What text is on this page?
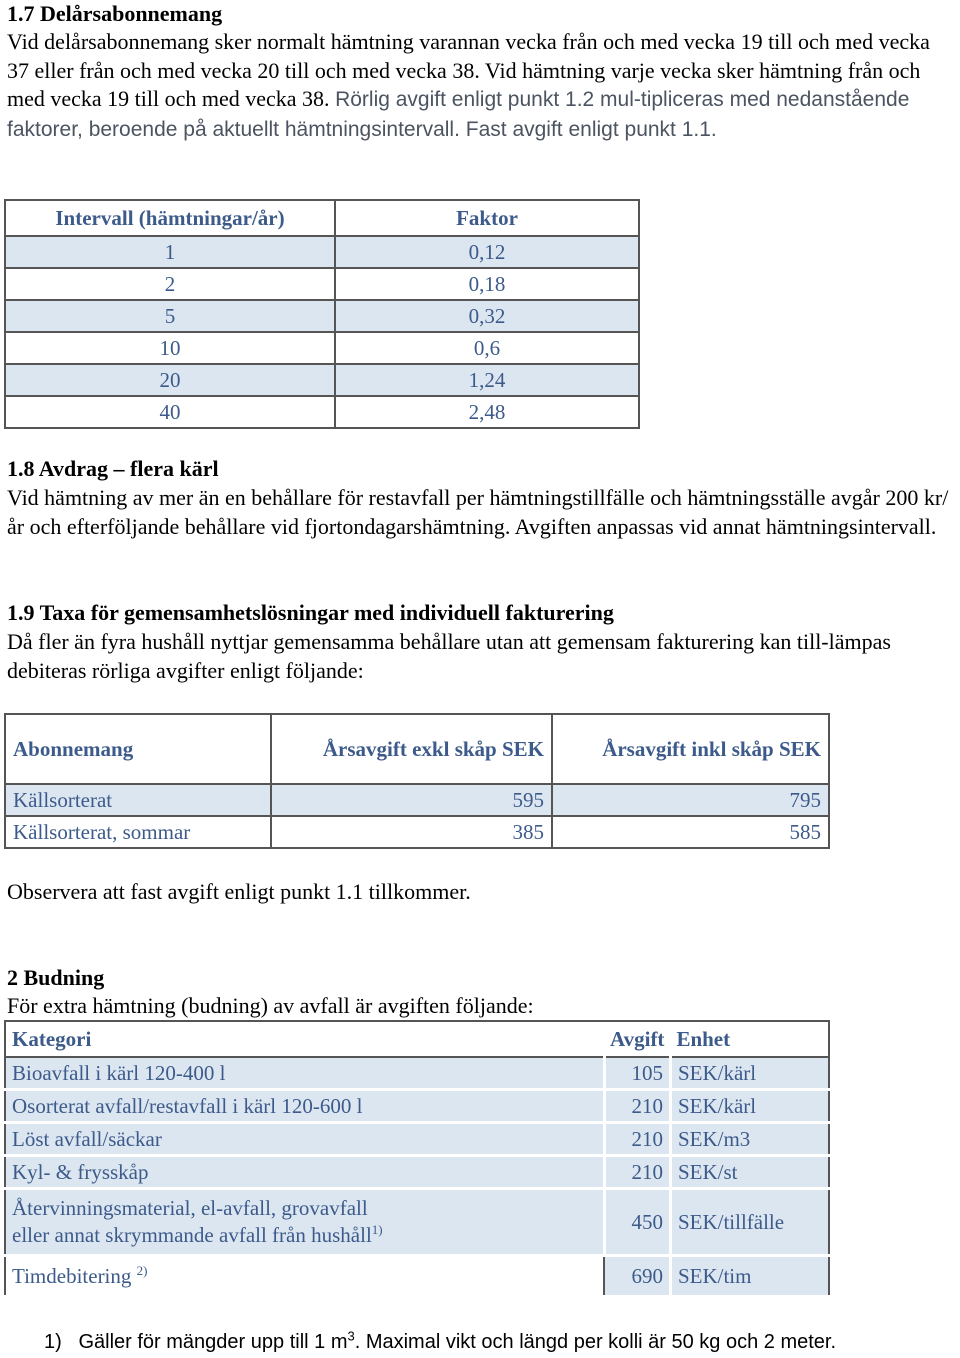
1.7 Delårsabonnemang
Vid delårsabonnemang sker normalt hämtning varannan vecka från och med vecka 19 till och med vecka 37 eller från och med vecka 20 till och med vecka 38. Vid hämtning varje vecka sker hämtning från och med vecka 19 till och med vecka 38. Rörlig avgift enligt punkt 1.2 mul-tipliceras med nedanstående faktorer, beroende på aktuellt hämtningsintervall. Fast avgift enligt punkt 1.1.
Intervall (hämtningar/år)	Faktor
1	0,12
2	0,18
5	0,32
10	0,6
20	1,24
40	2,48
1.8 Avdrag – flera kärl
Vid hämtning av mer än en behållare för restavfall per hämtningstillfälle och hämtningsställe avgår 200 kr/år och efterföljande behållare vid fjortondagarshämtning. Avgiften anpassas vid annat hämtningsintervall.
1.9 Taxa för gemensamhetslösningar med individuell fakturering
Då fler än fyra hushåll nyttjar gemensamma behållare utan att gemensam fakturering kan till-lämpas debiteras rörliga avgifter enligt följande:
Abonnemang	Årsavgift exkl skåp SEK	Årsavgift inkl skåp SEK
Källsorterat	595	795
Källsorterat, sommar	385	585
Observera att fast avgift enligt punkt 1.1 tillkommer.
2 Budning
För extra hämtning (budning) av avfall är avgiften följande:
Kategori	Avgift	Enhet
Bioavfall i kärl 120-400 l	105	SEK/kärl
Osorterat avfall/restavfall i kärl 120-600 l	210	SEK/kärl
Löst avfall/säckar	210	SEK/m3
Kyl- & frysskåp	210	SEK/st
Återvinningsmaterial, el-avfall, grovavfall
eller annat skrymmande avfall från hushåll$^{1)}$	450	SEK/tillfälle
Timdebitering $^{2)}$	690	SEK/tim
1) Gäller för mängder upp till 1 $m^3$. Maximal vikt och längd per kolli är 50 kg och 2 meter.
